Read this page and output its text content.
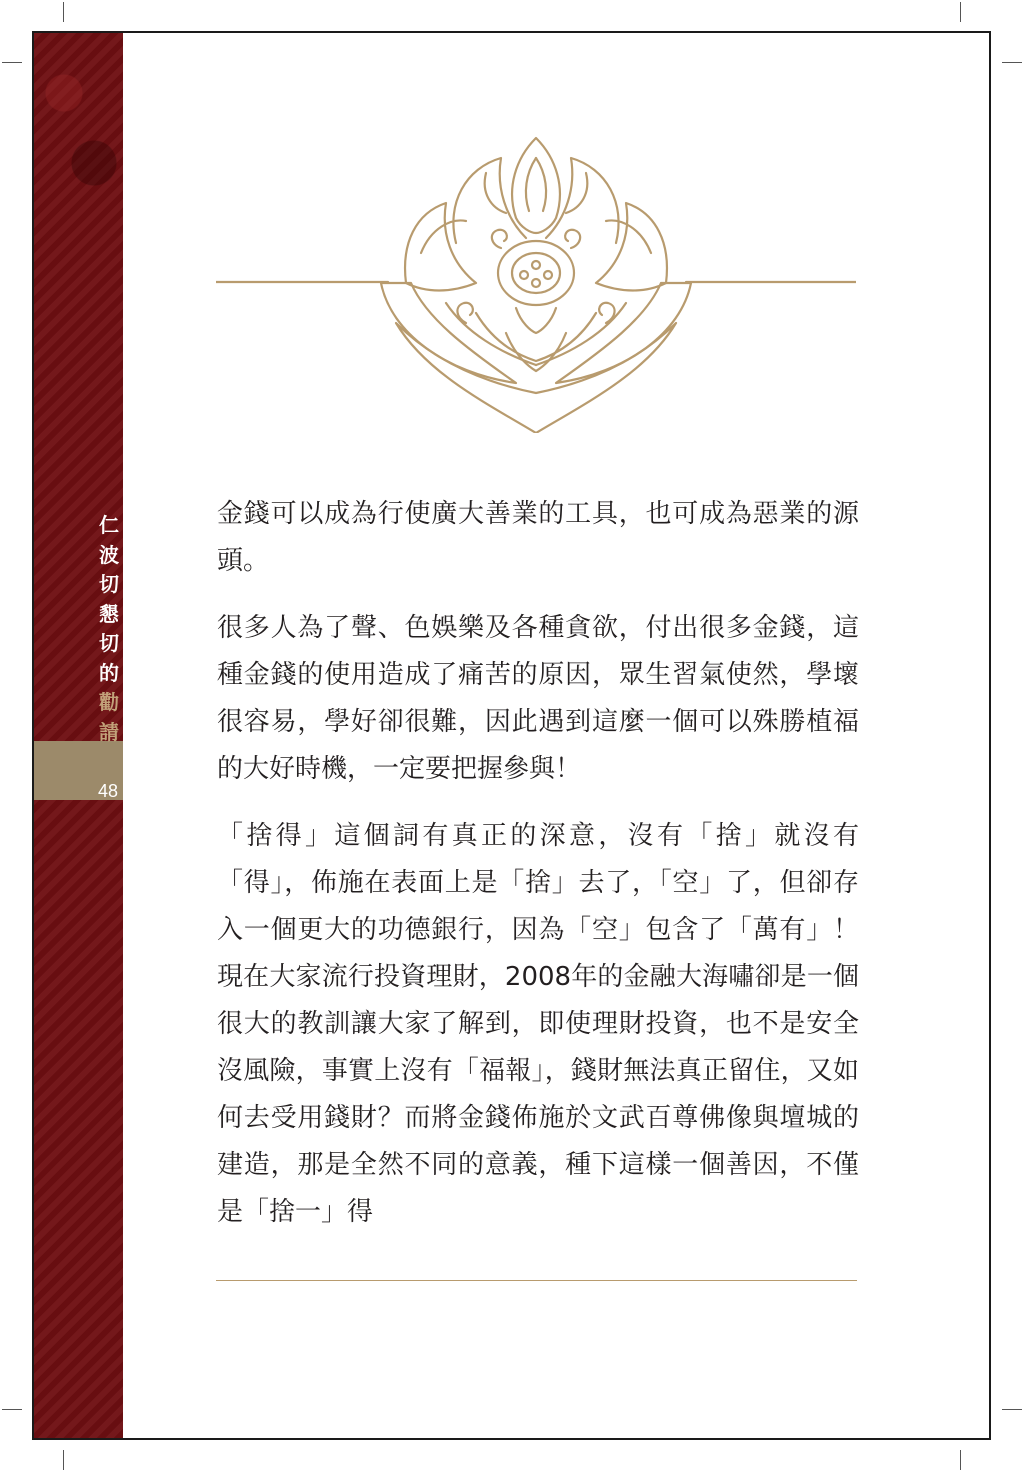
仁
波
切
懇
切
的
勸
請
48

金錢可以成為行使廣大善業的工具，也可成為惡業的源頭。

很多人為了聲、色娛樂及各種貪欲，付出很多金錢，這種金錢的使用造成了痛苦的原因，眾生習氣使然，學壞很容易，學好卻很難，因此遇到這麼一個可以殊勝植福的大好時機，一定要把握參與！

「捨得」這個詞有真正的深意，沒有「捨」就沒有「得」，佈施在表面上是「捨」去了，「空」了，但卻存入一個更大的功德銀行，因為「空」包含了「萬有」！現在大家流行投資理財，2008年的金融大海嘯卻是一個很大的教訓讓大家了解到，即使理財投資，也不是安全沒風險，事實上沒有「福報」，錢財無法真正留住，又如何去受用錢財？而將金錢佈施於文武百尊佛像與壇城的建造，那是全然不同的意義，種下這樣一個善因，不僅是「捨一」得
